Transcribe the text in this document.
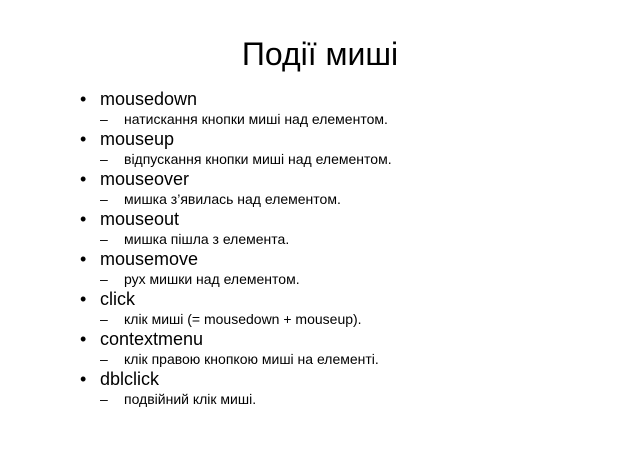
Події миші
• mousedown
– натискання кнопки миші над елементом.
• mouseup
– відпускання кнопки миші над елементом.
• mouseover
– мишка з’явилась над елементом.
• mouseout
– мишка пішла з елемента.
• mousemove
– рух мишки над елементом.
• click
– клік миші (= mousedown + mouseup).
• contextmenu
– клік правою кнопкою миші на елементі.
• dblclick
– подвійний клік миші.
